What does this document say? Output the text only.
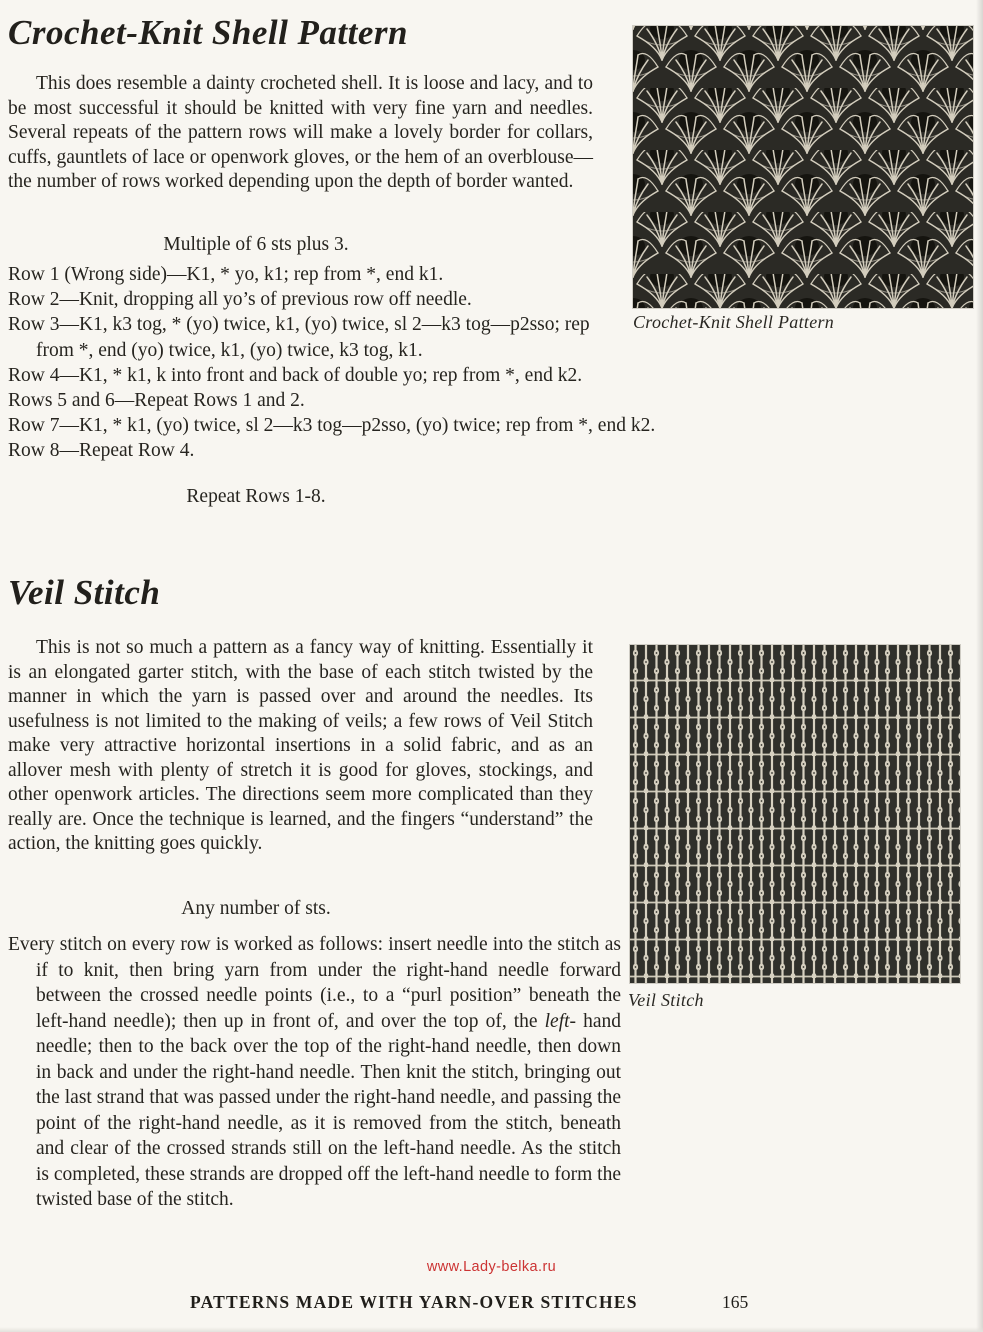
Crochet-Knit Shell Pattern

This does resemble a dainty crocheted shell. It is loose and lacy, and to be most successful it should be knitted with very fine yarn and needles. Several repeats of the pattern rows will make a lovely border for collars, cuffs, gauntlets of lace or openwork gloves, or the hem of an overblouse—the number of rows worked depending upon the depth of border wanted.

Multiple of 6 sts plus 3.

Row 1 (Wrong side)—K1, * yo, k1; rep from *, end k1.

Row 2—Knit, dropping all yo’s of previous row off needle.

Row 3—K1, k3 tog, * (yo) twice, k1, (yo) twice, sl 2—k3 tog—p2sso; rep from *, end (yo) twice, k1, (yo) twice, k3 tog, k1.

Row 4—K1, * k1, k into front and back of double yo; rep from *, end k2.

Rows 5 and 6—Repeat Rows 1 and 2.

Row 7—K1, * k1, (yo) twice, sl 2—k3 tog—p2sso, (yo) twice; rep from *, end k2.

Row 8—Repeat Row 4.

Repeat Rows 1-8.

Crochet-Knit Shell Pattern

Veil Stitch

This is not so much a pattern as a fancy way of knitting. Essentially it is an elongated garter stitch, with the base of each stitch twisted by the manner in which the yarn is passed over and around the needles. Its usefulness is not limited to the making of veils; a few rows of Veil Stitch make very attractive horizontal insertions in a solid fabric, and as an allover mesh with plenty of stretch it is good for gloves, stockings, and other openwork articles. The directions seem more complicated than they really are. Once the technique is learned, and the fingers “understand” the action, the knitting goes quickly.

Any number of sts.

Every stitch on every row is worked as follows: insert needle into the stitch as if to knit, then bring yarn from under the right-hand needle forward between the crossed needle points (i.e., to a “purl position” beneath the left-hand needle); then up in front of, and over the top of, the left- hand needle; then to the back over the top of the right-hand needle, then down in back and under the right-hand needle. Then knit the stitch, bringing out the last strand that was passed under the right-hand needle, and passing the point of the right-hand needle, as it is removed from the stitch, beneath and clear of the crossed strands still on the left-hand needle. As the stitch is completed, these strands are dropped off the left-hand needle to form the twisted base of the stitch.

Veil Stitch

www.Lady-belka.ru

PATTERNS MADE WITH YARN-OVER STITCHES	165
